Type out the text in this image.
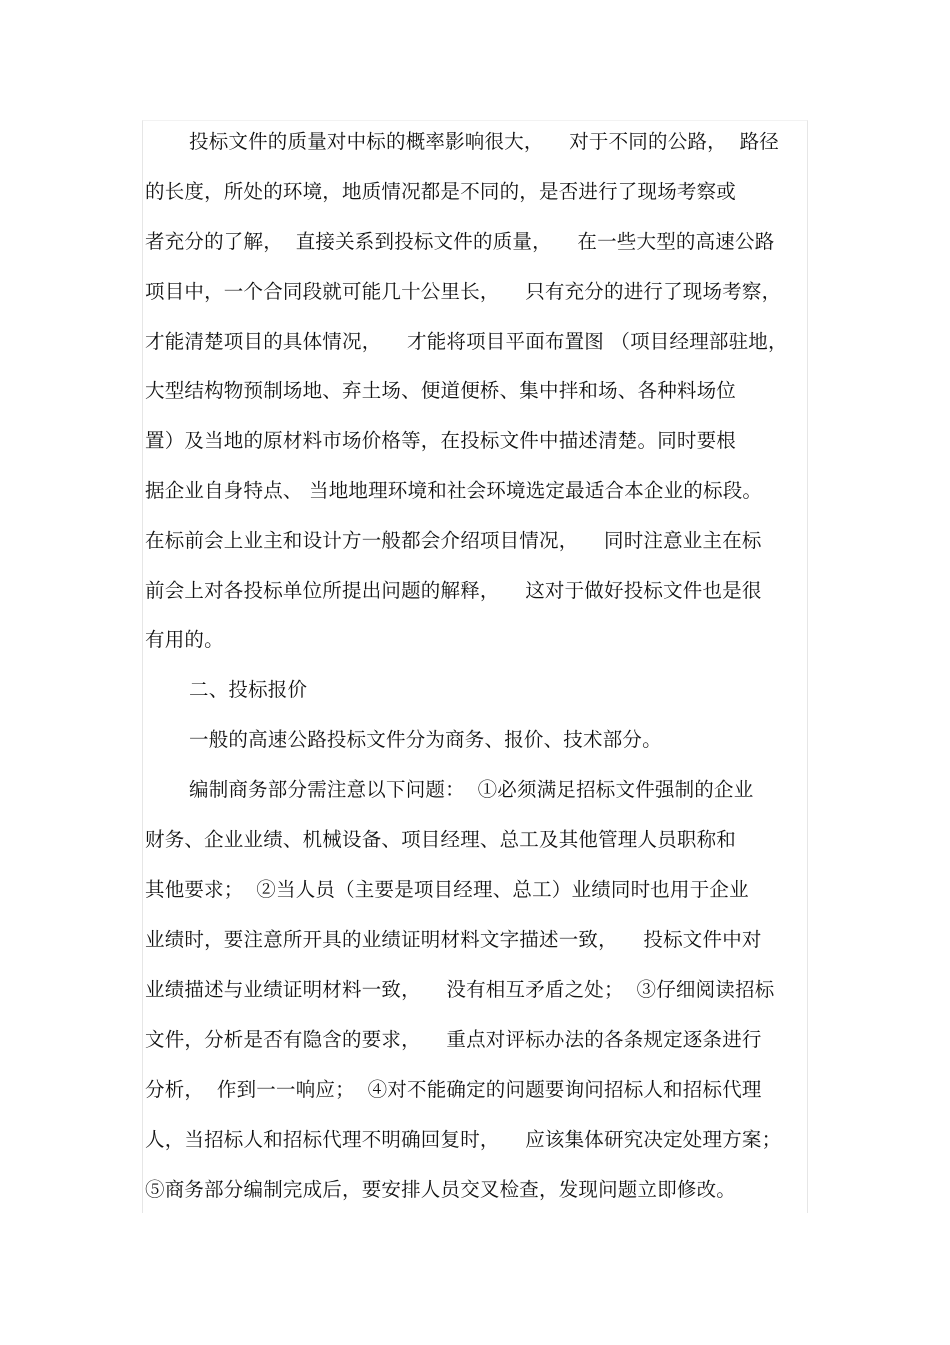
投标文件的质量对中标的概率影响很大，    对于不同的公路，  路径
的长度，所处的环境，地质情况都是不同的，是否进行了现场考察或
者充分的了解，  直接关系到投标文件的质量，    在一些大型的高速公路
项目中，一个合同段就可能几十公里长，    只有充分的进行了现场考察，
才能清楚项目的具体情况，    才能将项目平面布置图 （项目经理部驻地，
大型结构物预制场地、弃土场、便道便桥、集中拌和场、各种料场位
置）及当地的原材料市场价格等，在投标文件中描述清楚。同时要根
据企业自身特点、 当地地理环境和社会环境选定最适合本企业的标段。
在标前会上业主和设计方一般都会介绍项目情况，    同时注意业主在标
前会上对各投标单位所提出问题的解释，    这对于做好投标文件也是很
有用的。
二、投标报价
一般的高速公路投标文件分为商务、报价、技术部分。
编制商务部分需注意以下问题：  ①必须满足招标文件强制的企业
财务、企业业绩、机械设备、项目经理、总工及其他管理人员职称和
其他要求；  ②当人员（主要是项目经理、总工）业绩同时也用于企业
业绩时，要注意所开具的业绩证明材料文字描述一致，    投标文件中对
业绩描述与业绩证明材料一致，    没有相互矛盾之处；  ③仔细阅读招标
文件，分析是否有隐含的要求，    重点对评标办法的各条规定逐条进行
分析，  作到一一响应；  ④对不能确定的问题要询问招标人和招标代理
人，当招标人和招标代理不明确回复时，    应该集体研究决定处理方案；
⑤商务部分编制完成后，要安排人员交叉检查，发现问题立即修改。
